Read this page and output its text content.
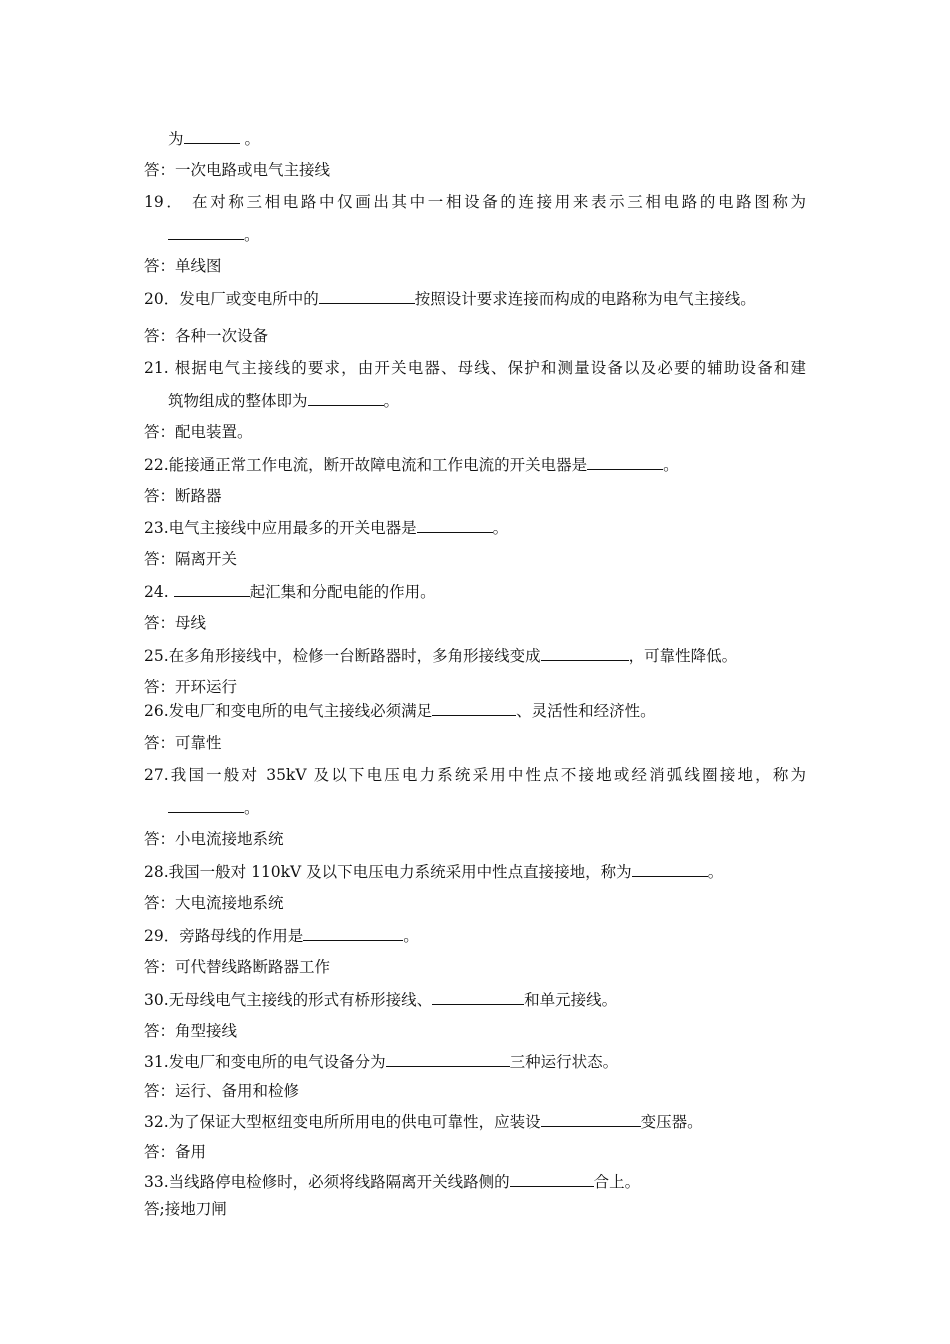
为	。
答：一次电路或电气主接线
19． 在对称三相电路中仅画出其中一相设备的连接用来表示三相电路的电路图称为
。
答：单线图
20．发电厂或变电所中的	按照设计要求连接而构成的电路称为电气主接线。
答：各种一次设备
21. 根据电气主接线的要求，由开关电器、母线、保护和测量设备以及必要的辅助设备和建
筑物组成的整体即为	。
答：配电装置。
22.能接通正常工作电流，断开故障电流和工作电流的开关电器是	。
答：断路器
23.电气主接线中应用最多的开关电器是	。
答：隔离开关
24.	起汇集和分配电能的作用。
答：母线
25.在多角形接线中，检修一台断路器时，多角形接线变成	，可靠性降低。
答：开环运行
26.发电厂和变电所的电气主接线必须满足	、灵活性和经济性。
答：可靠性
27.我国一般对 35kV 及以下电压电力系统采用中性点不接地或经消弧线圈接地，称为
。
答：小电流接地系统
28.我国一般对 110kV 及以下电压电力系统采用中性点直接接地，称为	。
答：大电流接地系统
29．旁路母线的作用是	。
答：可代替线路断路器工作
30.无母线电气主接线的形式有桥形接线、	和单元接线。
答：角型接线
31.发电厂和变电所的电气设备分为	三种运行状态。
答：运行、备用和检修
32.为了保证大型枢纽变电所所用电的供电可靠性，应装设	变压器。
答：备用
33.当线路停电检修时，必须将线路隔离开关线路侧的	合上。
答;接地刀闸
